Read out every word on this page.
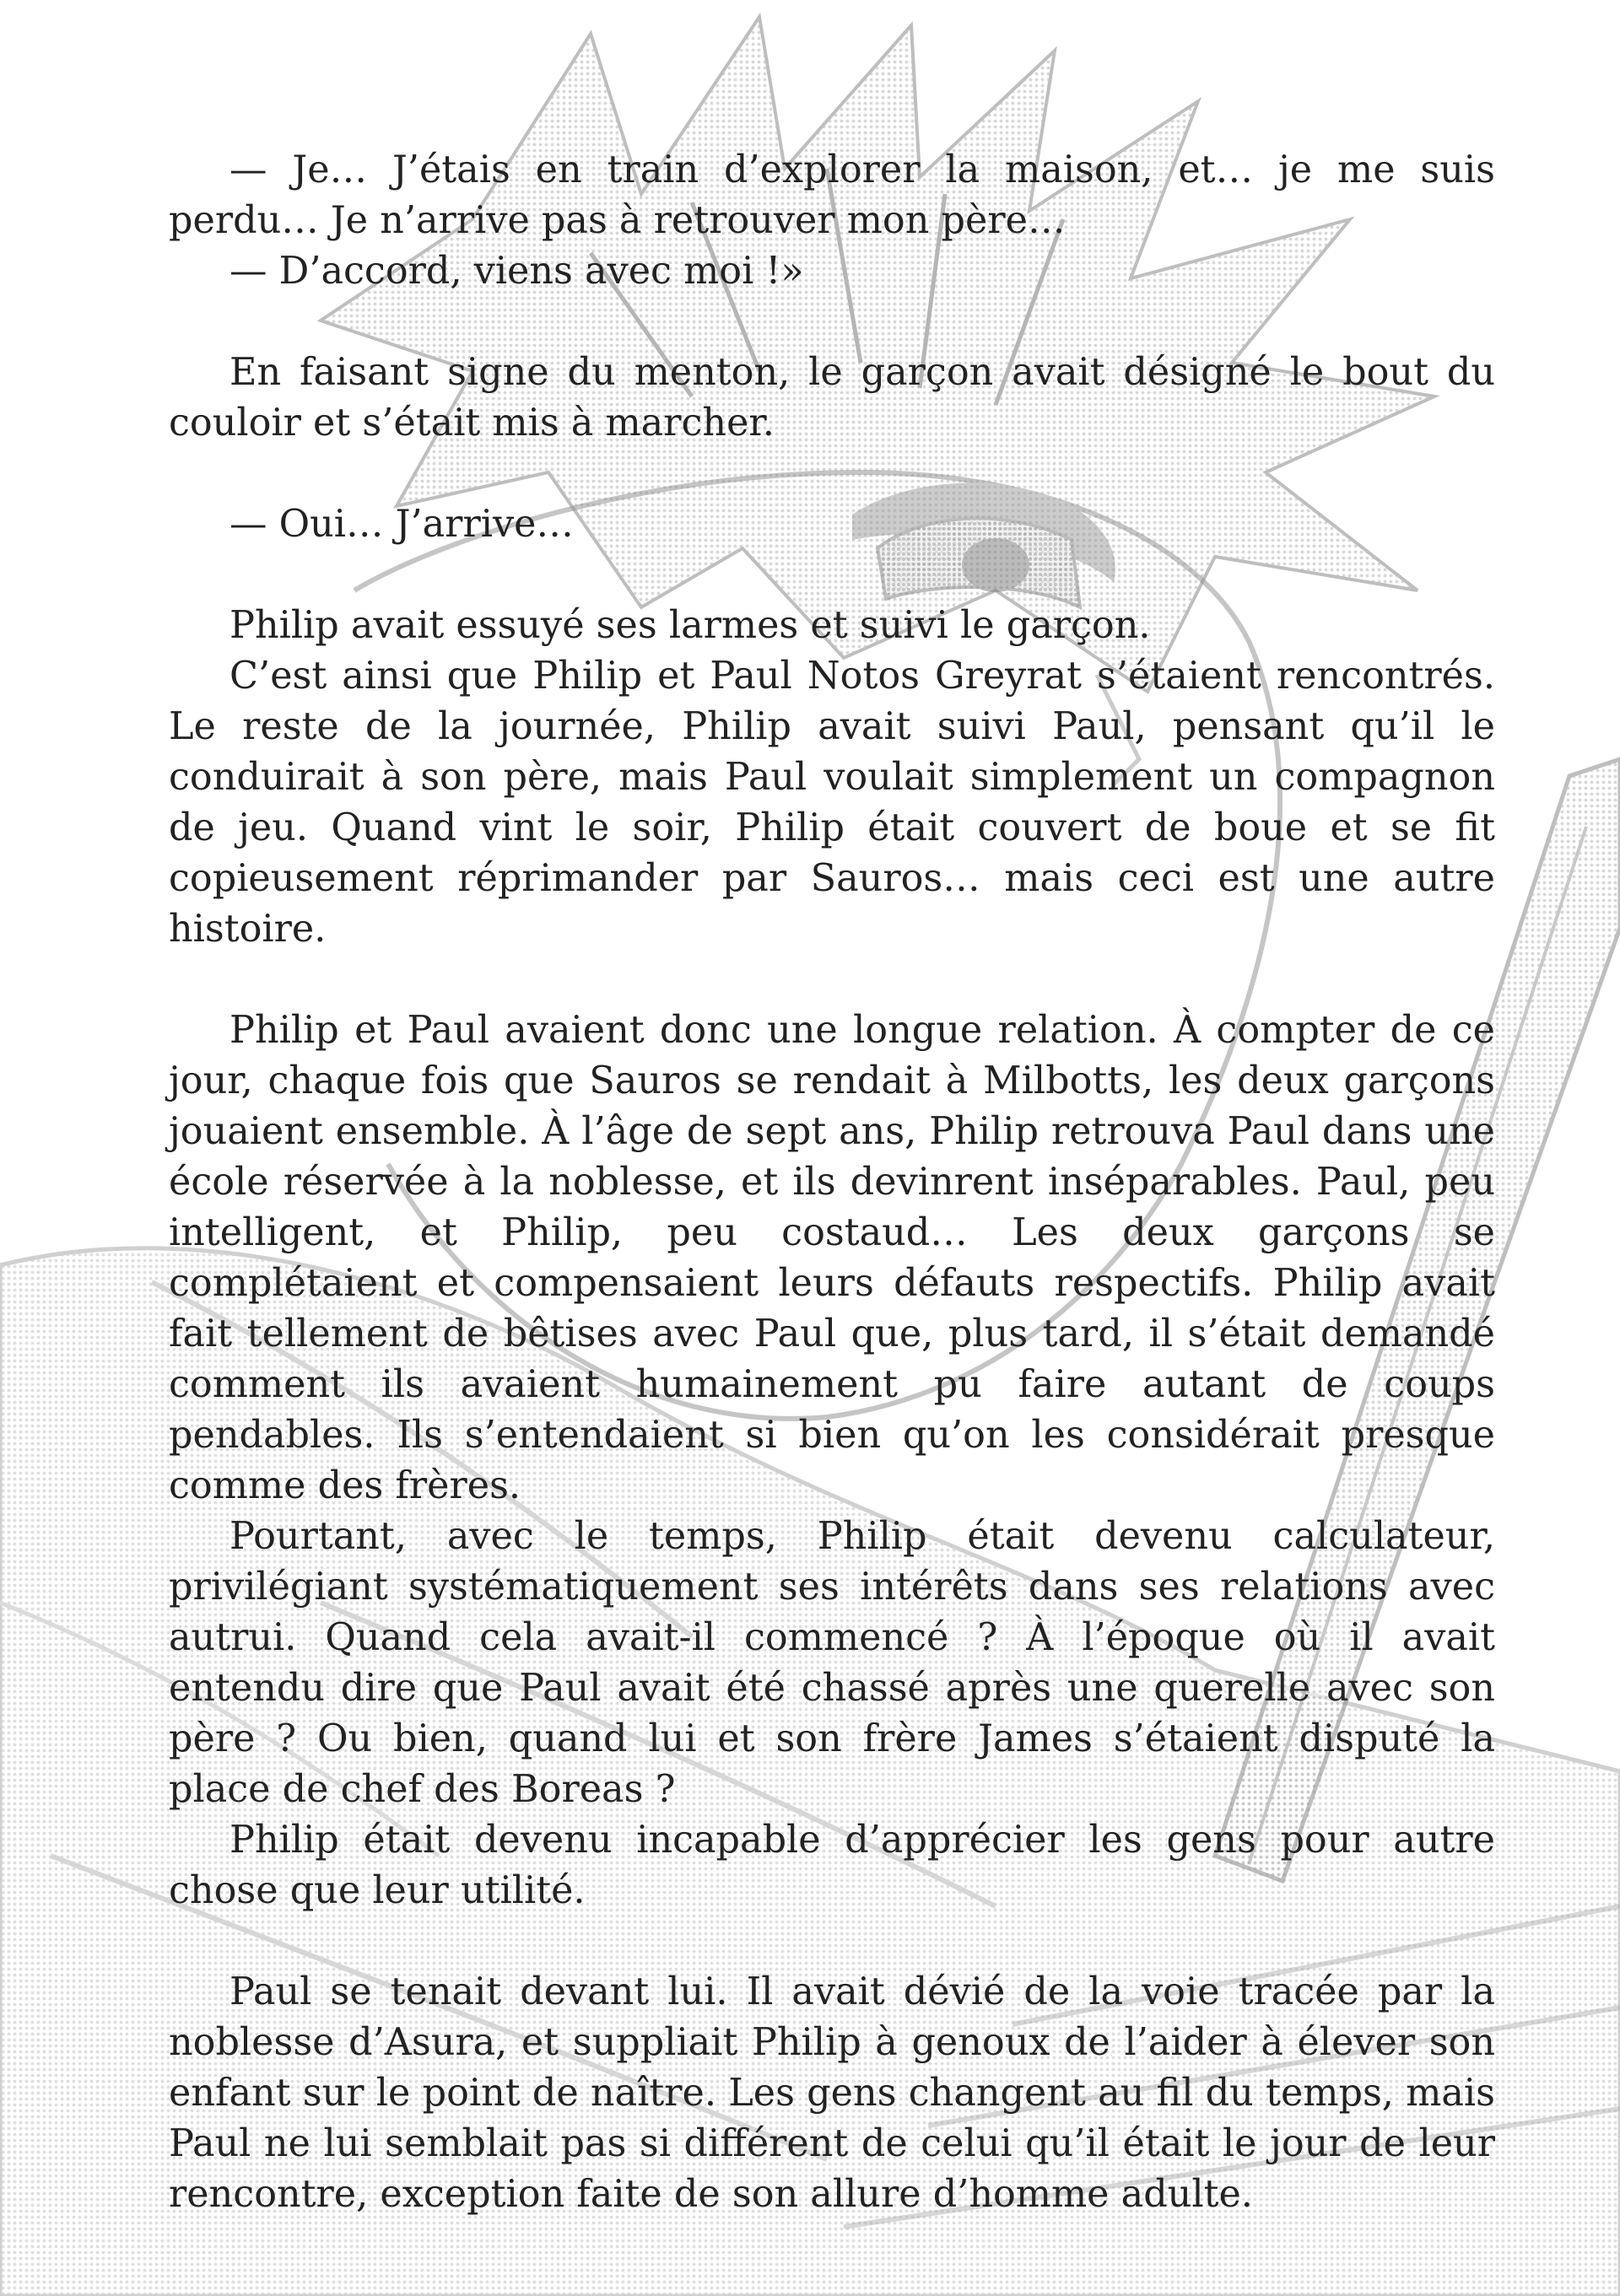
— Je… J’étais en train d’explorer la maison, et… je me suis perdu… Je n’arrive pas à retrouver mon père…

— D’accord, viens avec moi !»

En faisant signe du menton, le garçon avait désigné le bout du couloir et s’était mis à marcher.

— Oui… J’arrive…

Philip avait essuyé ses larmes et suivi le garçon.

C’est ainsi que Philip et Paul Notos Greyrat s’étaient rencontrés. Le reste de la journée, Philip avait suivi Paul, pensant qu’il le conduirait à son père, mais Paul voulait simplement un compagnon de jeu. Quand vint le soir, Philip était couvert de boue et se fit copieusement réprimander par Sauros… mais ceci est une autre histoire.

Philip et Paul avaient donc une longue relation. À compter de ce jour, chaque fois que Sauros se rendait à Milbotts, les deux garçons jouaient ensemble. À l’âge de sept ans, Philip retrouva Paul dans une école réservée à la noblesse, et ils devinrent inséparables. Paul, peu intelligent, et Philip, peu costaud… Les deux garçons se complétaient et compensaient leurs défauts respectifs. Philip avait fait tellement de bêtises avec Paul que, plus tard, il s’était demandé comment ils avaient humainement pu faire autant de coups pendables. Ils s’entendaient si bien qu’on les considérait presque comme des frères.

Pourtant, avec le temps, Philip était devenu calculateur, privilégiant systématiquement ses intérêts dans ses relations avec autrui. Quand cela avait-il commencé ? À l’époque où il avait entendu dire que Paul avait été chassé après une querelle avec son père ? Ou bien, quand lui et son frère James s’étaient disputé la place de chef des Boreas ?

Philip était devenu incapable d’apprécier les gens pour autre chose que leur utilité.

Paul se tenait devant lui. Il avait dévié de la voie tracée par la noblesse d’Asura, et suppliait Philip à genoux de l’aider à élever son enfant sur le point de naître. Les gens changent au fil du temps, mais Paul ne lui semblait pas si différent de celui qu’il était le jour de leur rencontre, exception faite de son allure d’homme adulte.
